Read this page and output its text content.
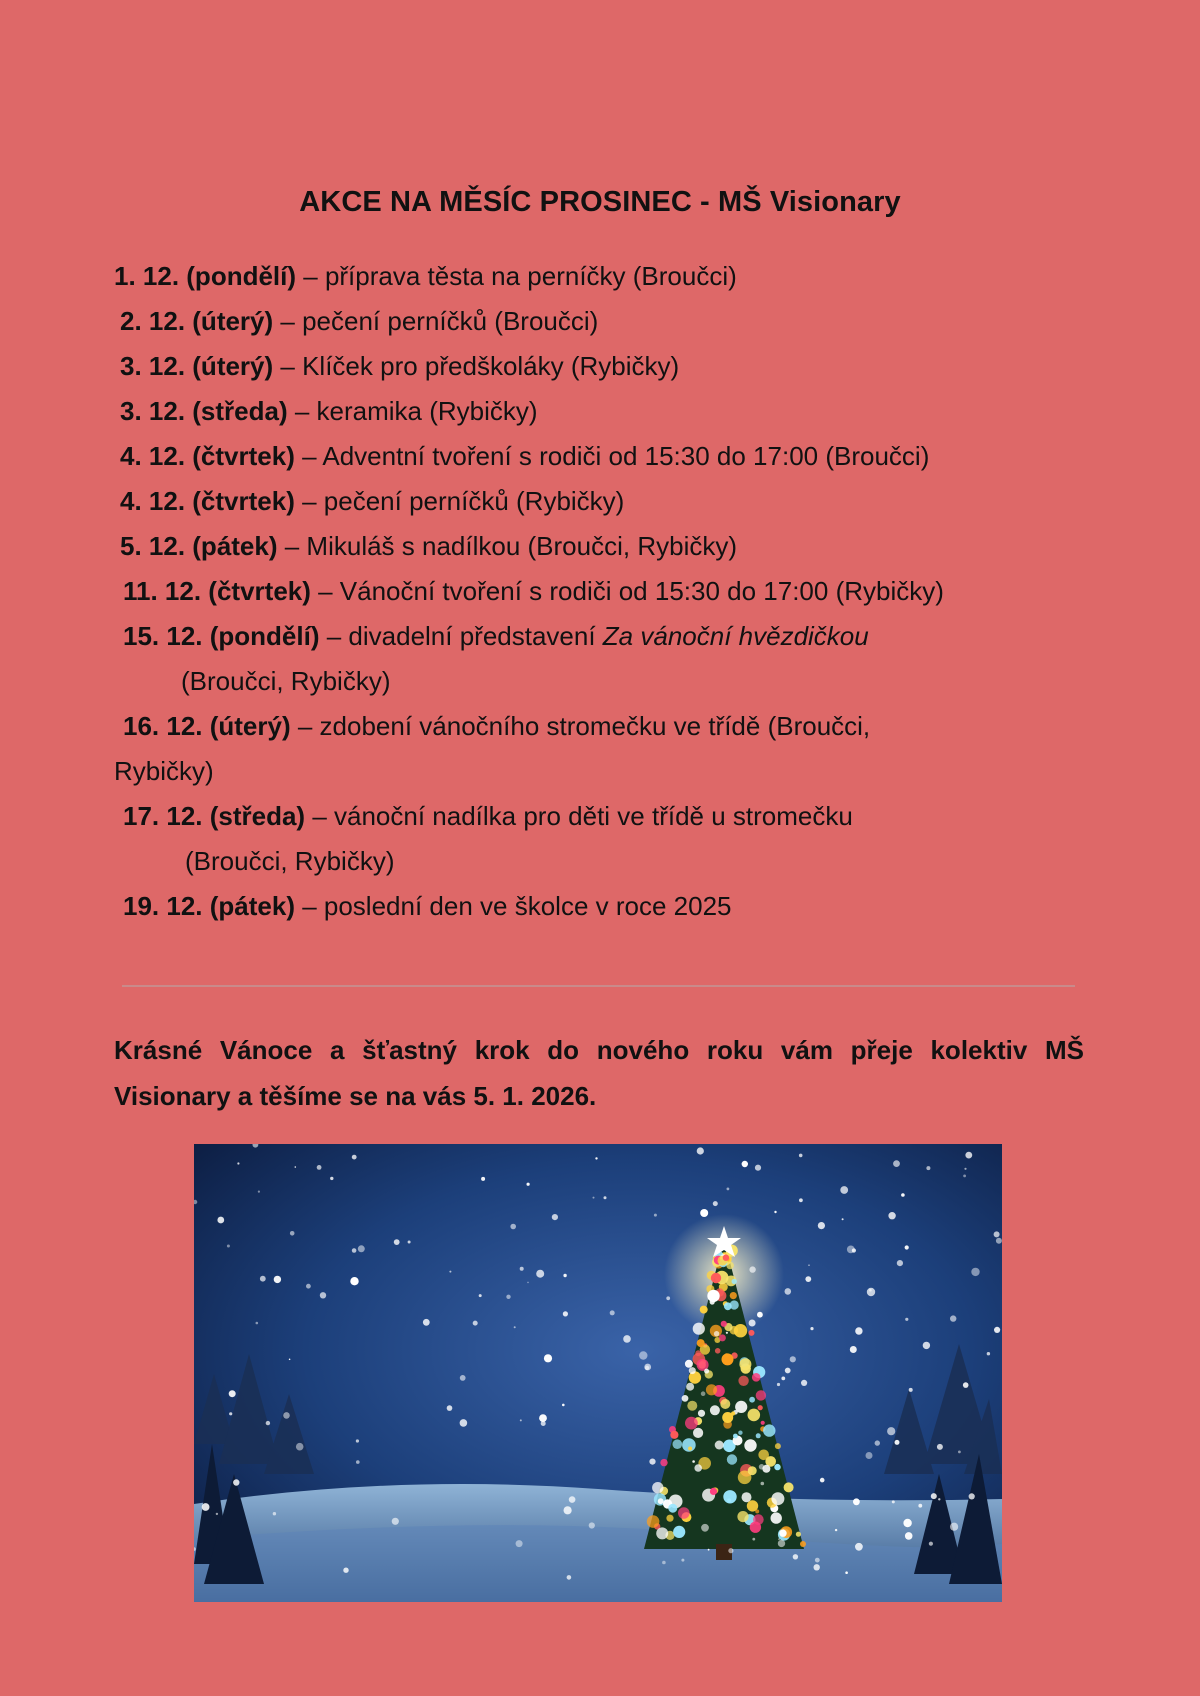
AKCE NA MĚSÍC PROSINEC - MŠ Visionary
1. 12. (pondělí) – příprava těsta na perníčky (Broučci)
2. 12. (úterý) – pečení perníčků (Broučci)
3. 12. (úterý) – Klíček pro předškoláky (Rybičky)
3. 12. (středa) – keramika (Rybičky)
4. 12. (čtvrtek) – Adventní tvoření s rodiči od 15:30 do 17:00 (Broučci)
4. 12. (čtvrtek) – pečení perníčků (Rybičky)
5. 12. (pátek) – Mikuláš s nadílkou (Broučci, Rybičky)
11. 12. (čtvrtek) – Vánoční tvoření s rodiči od 15:30 do 17:00 (Rybičky)
15. 12. (pondělí) – divadelní představení Za vánoční hvězdičkou
(Broučci, Rybičky)
16. 12. (úterý) – zdobení vánočního stromečku ve třídě (Broučci,
Rybičky)
17. 12. (středa) – vánoční nadílka pro děti ve třídě u stromečku
(Broučci, Rybičky)
19. 12. (pátek) – poslední den ve školce v roce 2025
Krásné Vánoce a šťastný krok do nového roku vám přeje kolektiv MŠ Visionary a těšíme se na vás 5. 1. 2026.
